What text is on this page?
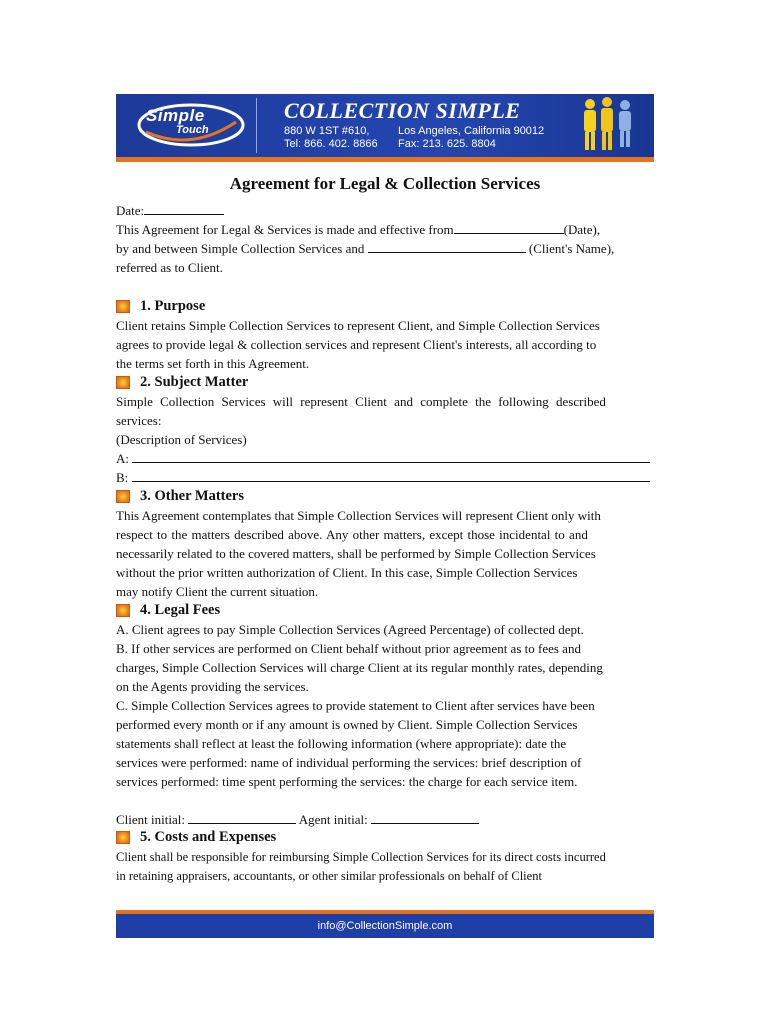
Simple
Touch
COLLECTION SIMPLE
880 W 1ST #610,	Los Angeles, California 90012
Tel: 866. 402. 8866 Fax: 213. 625. 8804
Agreement for Legal & Collection Services

Date:

This Agreement for Legal & Services is made and effective from	(Date),

by and between Simple Collection Services and	(Client's Name),

referred as to Client.

1. Purpose

Client retains Simple Collection Services to represent Client, and Simple Collection Services

agrees to provide legal & collection services and represent Client's interests, all according to

the terms set forth in this Agreement.

2. Subject Matter

Simple Collection Services will represent Client and complete the following described

services:

(Description of Services)

A:

B:

3. Other Matters

This Agreement contemplates that Simple Collection Services will represent Client only with

respect to the matters described above. Any other matters, except those incidental to and

necessarily related to the covered matters, shall be performed by Simple Collection Services

without the prior written authorization of Client. In this case, Simple Collection Services

may notify Client the current situation.

4. Legal Fees

A. Client agrees to pay Simple Collection Services (Agreed Percentage) of collected dept.

B. If other services are performed on Client behalf without prior agreement as to fees and

charges, Simple Collection Services will charge Client at its regular monthly rates, depending

on the Agents providing the services.

C. Simple Collection Services agrees to provide statement to Client after services have been

performed every month or if any amount is owned by Client. Simple Collection Services

statements shall reflect at least the following information (where appropriate): date the

services were performed: name of individual performing the services: brief description of

services performed: time spent performing the services: the charge for each service item.

Client initial:	Agent initial:

5. Costs and Expenses

Client shall be responsible for reimbursing Simple Collection Services for its direct costs incurred

in retaining appraisers, accountants, or other similar professionals on behalf of Client

info@CollectionSimple.com
